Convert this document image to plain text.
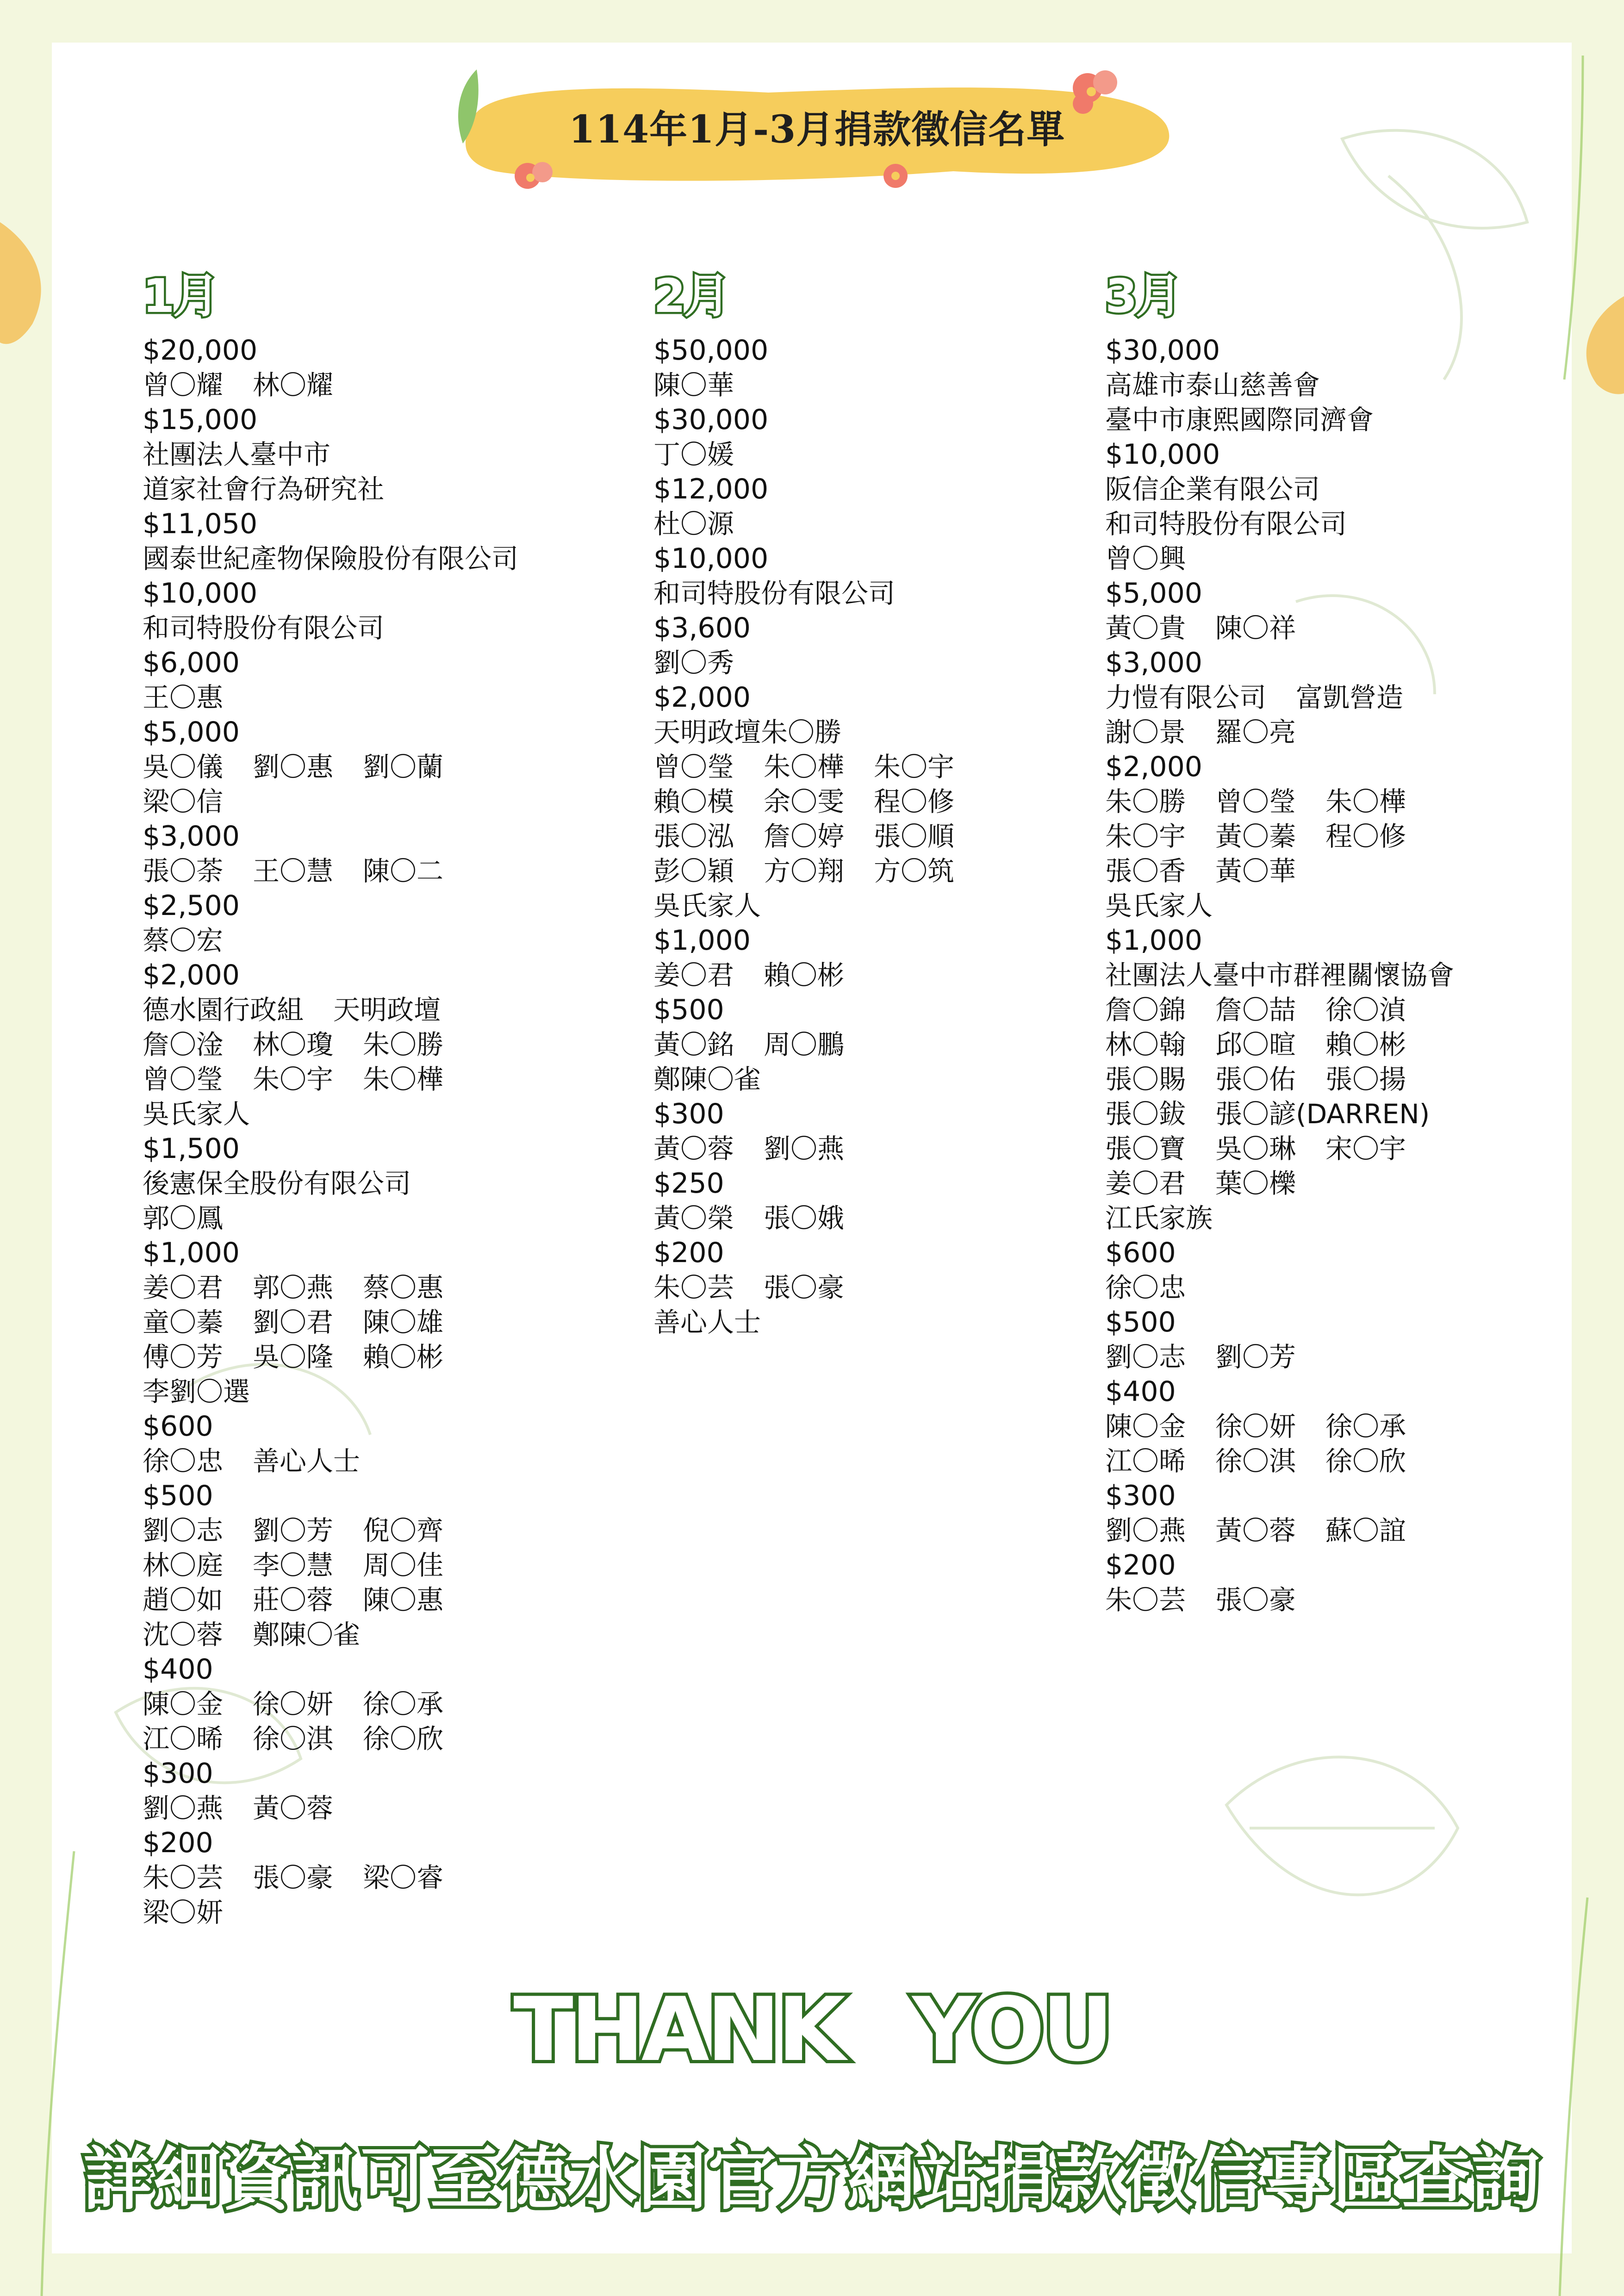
114年1月-3月捐款徵信名單
1月
$20,000
曾〇耀 林〇耀
$15,000
社團法人臺中市
道家社會行為研究社
$11,050
國泰世紀產物保險股份有限公司
$10,000
和司特股份有限公司
$6,000
王〇惠
$5,000
吳〇儀 劉〇惠 劉〇蘭
梁〇信
$3,000
張〇荼 王〇慧 陳〇二
$2,500
蔡〇宏
$2,000
德水園行政組 天明政壇
詹〇淦 林〇瓊 朱〇勝
曾〇瑩 朱〇宇 朱〇樺
吳氏家人
$1,500
後憲保全股份有限公司
郭〇鳳
$1,000
姜〇君 郭〇燕 蔡〇惠
童〇蓁 劉〇君 陳〇雄
傅〇芳 吳〇隆 賴〇彬
李劉〇選
$600
徐〇忠 善心人士
$500
劉〇志 劉〇芳 倪〇齊
林〇庭 李〇慧 周〇佳
趙〇如 莊〇蓉 陳〇惠
沈〇蓉 鄭陳〇雀
$400
陳〇金 徐〇妍 徐〇承
江〇晞 徐〇淇 徐〇欣
$300
劉〇燕 黃〇蓉
$200
朱〇芸 張〇豪 梁〇睿
梁〇妍
2月
$50,000
陳〇華
$30,000
丁〇媛
$12,000
杜〇源
$10,000
和司特股份有限公司
$3,600
劉〇秀
$2,000
天明政壇朱〇勝
曾〇瑩 朱〇樺 朱〇宇
賴〇模 余〇雯 程〇修
張〇泓 詹〇婷 張〇順
彭〇穎 方〇翔 方〇筑
吳氏家人
$1,000
姜〇君 賴〇彬
$500
黃〇銘 周〇鵬
鄭陳〇雀
$300
黃〇蓉 劉〇燕
$250
黃〇榮 張〇娥
$200
朱〇芸 張〇豪
善心人士
3月
$30,000
高雄市泰山慈善會
臺中市康熙國際同濟會
$10,000
阪信企業有限公司
和司特股份有限公司
曾〇興
$5,000
黃〇貴 陳〇祥
$3,000
力愷有限公司 富凱營造
謝〇景 羅〇亮
$2,000
朱〇勝 曾〇瑩 朱〇樺
朱〇宇 黃〇蓁 程〇修
張〇香 黃〇華
吳氏家人
$1,000
社團法人臺中市群裡關懷協會
詹〇錦 詹〇喆 徐〇湞
林〇翰 邱〇暄 賴〇彬
張〇賜 張〇佑 張〇揚
張〇鈸 張〇諺(DARREN)
張〇寶 吳〇琳 宋〇宇
姜〇君 葉〇櫟
江氏家族
$600
徐〇忠
$500
劉〇志 劉〇芳
$400
陳〇金 徐〇妍 徐〇承
江〇晞 徐〇淇 徐〇欣
$300
劉〇燕 黃〇蓉 蘇〇誼
$200
朱〇芸 張〇豪
THANK YOU
詳細資訊可至德水園官方網站捐款徵信專區查詢
